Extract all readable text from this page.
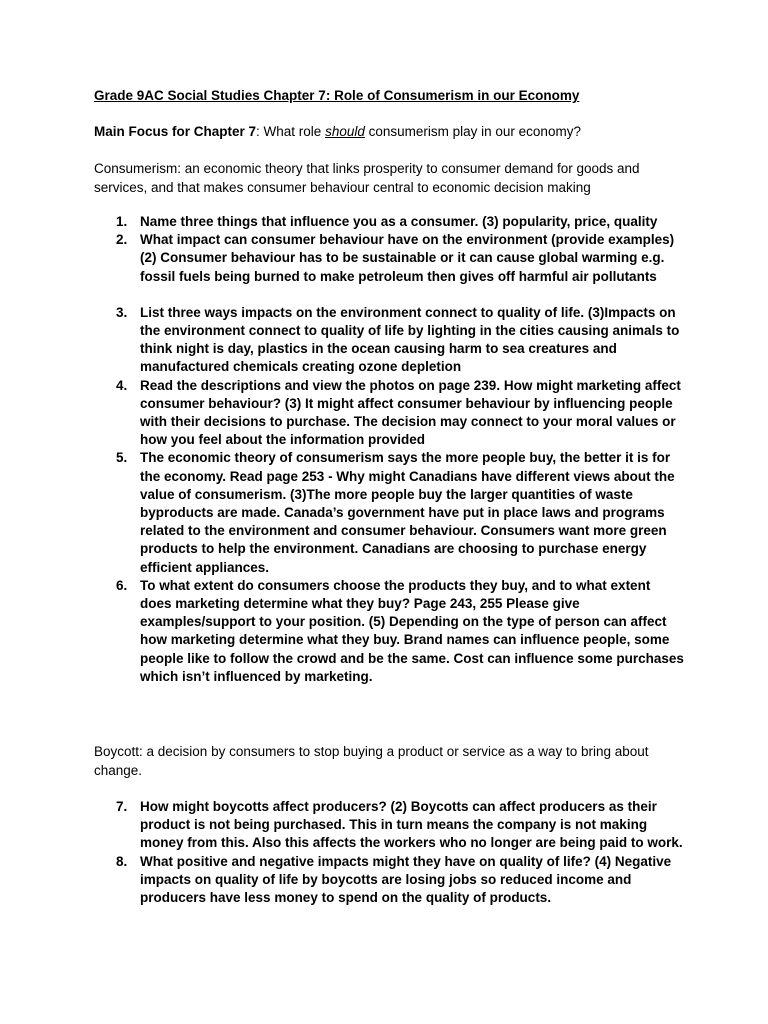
Grade 9AC Social Studies Chapter 7: Role of Consumerism in our Economy
Main Focus for Chapter 7: What role should consumerism play in our economy?
Consumerism: an economic theory that links prosperity to consumer demand for goods and services, and that makes consumer behaviour central to economic decision making
1. Name three things that influence you as a consumer. (3) popularity, price, quality
2. What impact can consumer behaviour have on the environment (provide examples) (2) Consumer behaviour has to be sustainable or it can cause global warming e.g. fossil fuels being burned to make petroleum then gives off harmful air pollutants
3. List three ways impacts on the environment connect to quality of life. (3)Impacts on the environment connect to quality of life by lighting in the cities causing animals to think night is day, plastics in the ocean causing harm to sea creatures and manufactured chemicals creating ozone depletion
4. Read the descriptions and view the photos on page 239. How might marketing affect consumer behaviour? (3) It might affect consumer behaviour by influencing people with their decisions to purchase. The decision may connect to your moral values or how you feel about the information provided
5. The economic theory of consumerism says the more people buy, the better it is for the economy. Read page 253 - Why might Canadians have different views about the value of consumerism. (3)The more people buy the larger quantities of waste byproducts are made. Canada’s government have put in place laws and programs related to the environment and consumer behaviour. Consumers want more green products to help the environment. Canadians are choosing to purchase energy efficient appliances.
6. To what extent do consumers choose the products they buy, and to what extent does marketing determine what they buy? Page 243, 255 Please give examples/support to your position. (5) Depending on the type of person can affect how marketing determine what they buy. Brand names can influence people, some people like to follow the crowd and be the same. Cost can influence some purchases which isn’t influenced by marketing.
Boycott: a decision by consumers to stop buying a product or service as a way to bring about change.
7. How might boycotts affect producers? (2) Boycotts can affect producers as their product is not being purchased. This in turn means the company is not making money from this. Also this affects the workers who no longer are being paid to work.
8. What positive and negative impacts might they have on quality of life? (4) Negative impacts on quality of life by boycotts are losing jobs so reduced income and producers have less money to spend on the quality of products.
